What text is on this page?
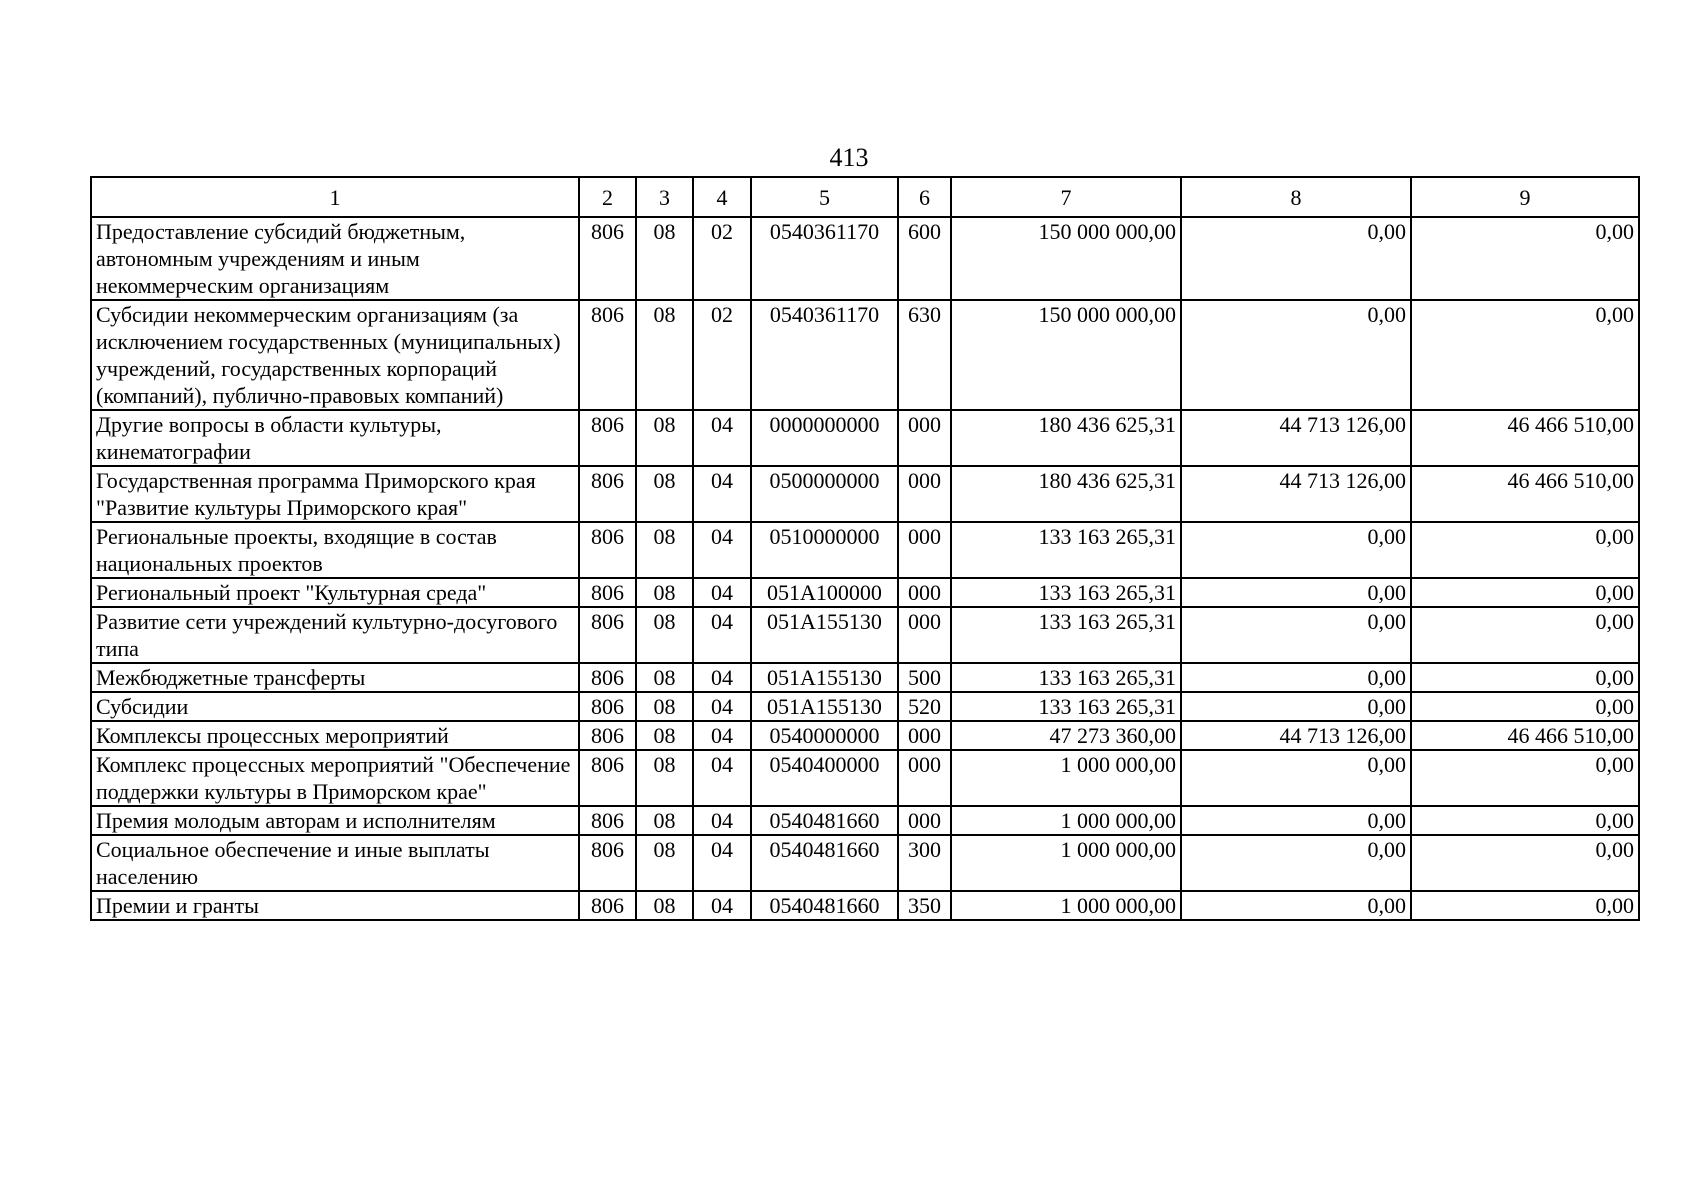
413
1	2	3	4	5	6	7	8	9
Предоставление субсидий бюджетным, автономным учреждениям и иным некоммерческим организациям	806	08	02	0540361170	600	150 000 000,00	0,00	0,00
Субсидии некоммерческим организациям (за исключением государственных (муниципальных) учреждений, государственных корпораций (компаний), публично-правовых компаний)	806	08	02	0540361170	630	150 000 000,00	0,00	0,00
Другие вопросы в области культуры, кинематографии	806	08	04	0000000000	000	180 436 625,31	44 713 126,00	46 466 510,00
Государственная программа Приморского края "Развитие культуры Приморского края"	806	08	04	0500000000	000	180 436 625,31	44 713 126,00	46 466 510,00
Региональные проекты, входящие в состав национальных проектов	806	08	04	0510000000	000	133 163 265,31	0,00	0,00
Региональный проект "Культурная среда"	806	08	04	051A100000	000	133 163 265,31	0,00	0,00
Развитие сети учреждений культурно-досугового типа	806	08	04	051A155130	000	133 163 265,31	0,00	0,00
Межбюджетные трансферты	806	08	04	051A155130	500	133 163 265,31	0,00	0,00
Субсидии	806	08	04	051A155130	520	133 163 265,31	0,00	0,00
Комплексы процессных мероприятий	806	08	04	0540000000	000	47 273 360,00	44 713 126,00	46 466 510,00
Комплекс процессных мероприятий "Обеспечение поддержки культуры в Приморском крае"	806	08	04	0540400000	000	1 000 000,00	0,00	0,00
Премия молодым авторам и исполнителям	806	08	04	0540481660	000	1 000 000,00	0,00	0,00
Социальное обеспечение и иные выплаты населению	806	08	04	0540481660	300	1 000 000,00	0,00	0,00
Премии и гранты	806	08	04	0540481660	350	1 000 000,00	0,00	0,00
